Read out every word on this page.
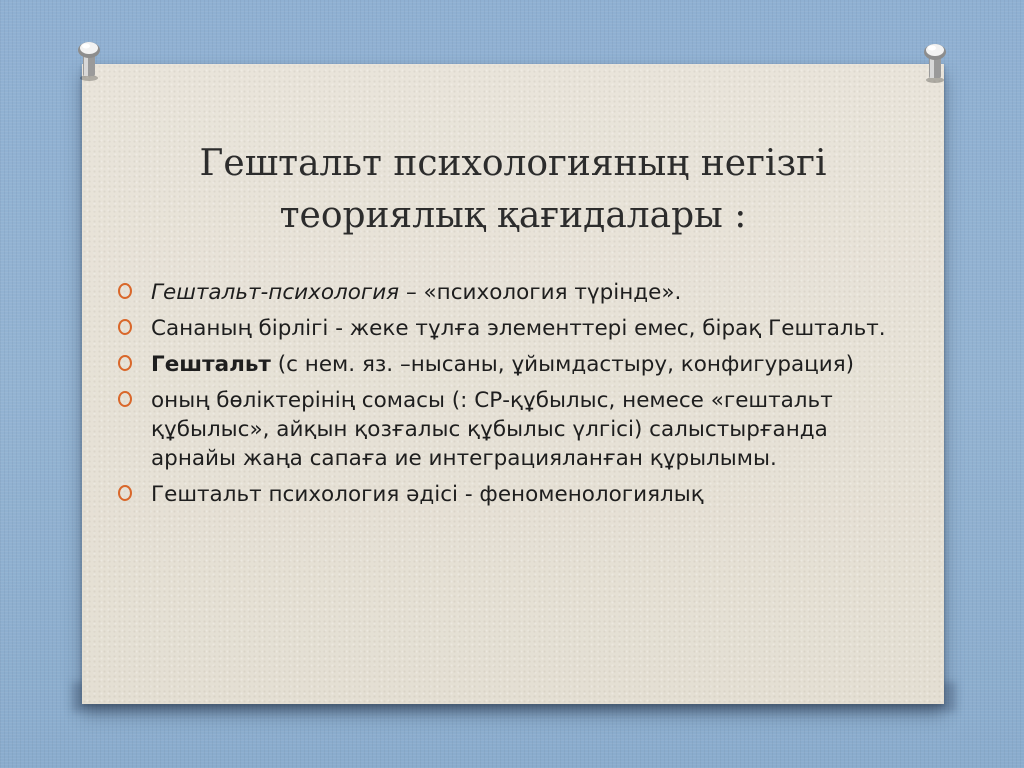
Гештальт психологияның негізгі
теориялық қағидалары :
Гештальт-психология – «психология түрінде».
Сананың бірлігі - жеке тұлға элементтері емес, бірақ Гештальт.
Гештальт (с нем. яз. –нысаны, ұйымдастыру, конфигурация)
оның бөліктерінің сомасы (: СР-құбылыс, немесе «гештальт құбылыс», айқын қозғалыс құбылыс үлгісі) салыстырғанда арнайы жаңа сапаға ие интеграцияланған құрылымы.
Гештальт психология әдісі - феноменологиялық
